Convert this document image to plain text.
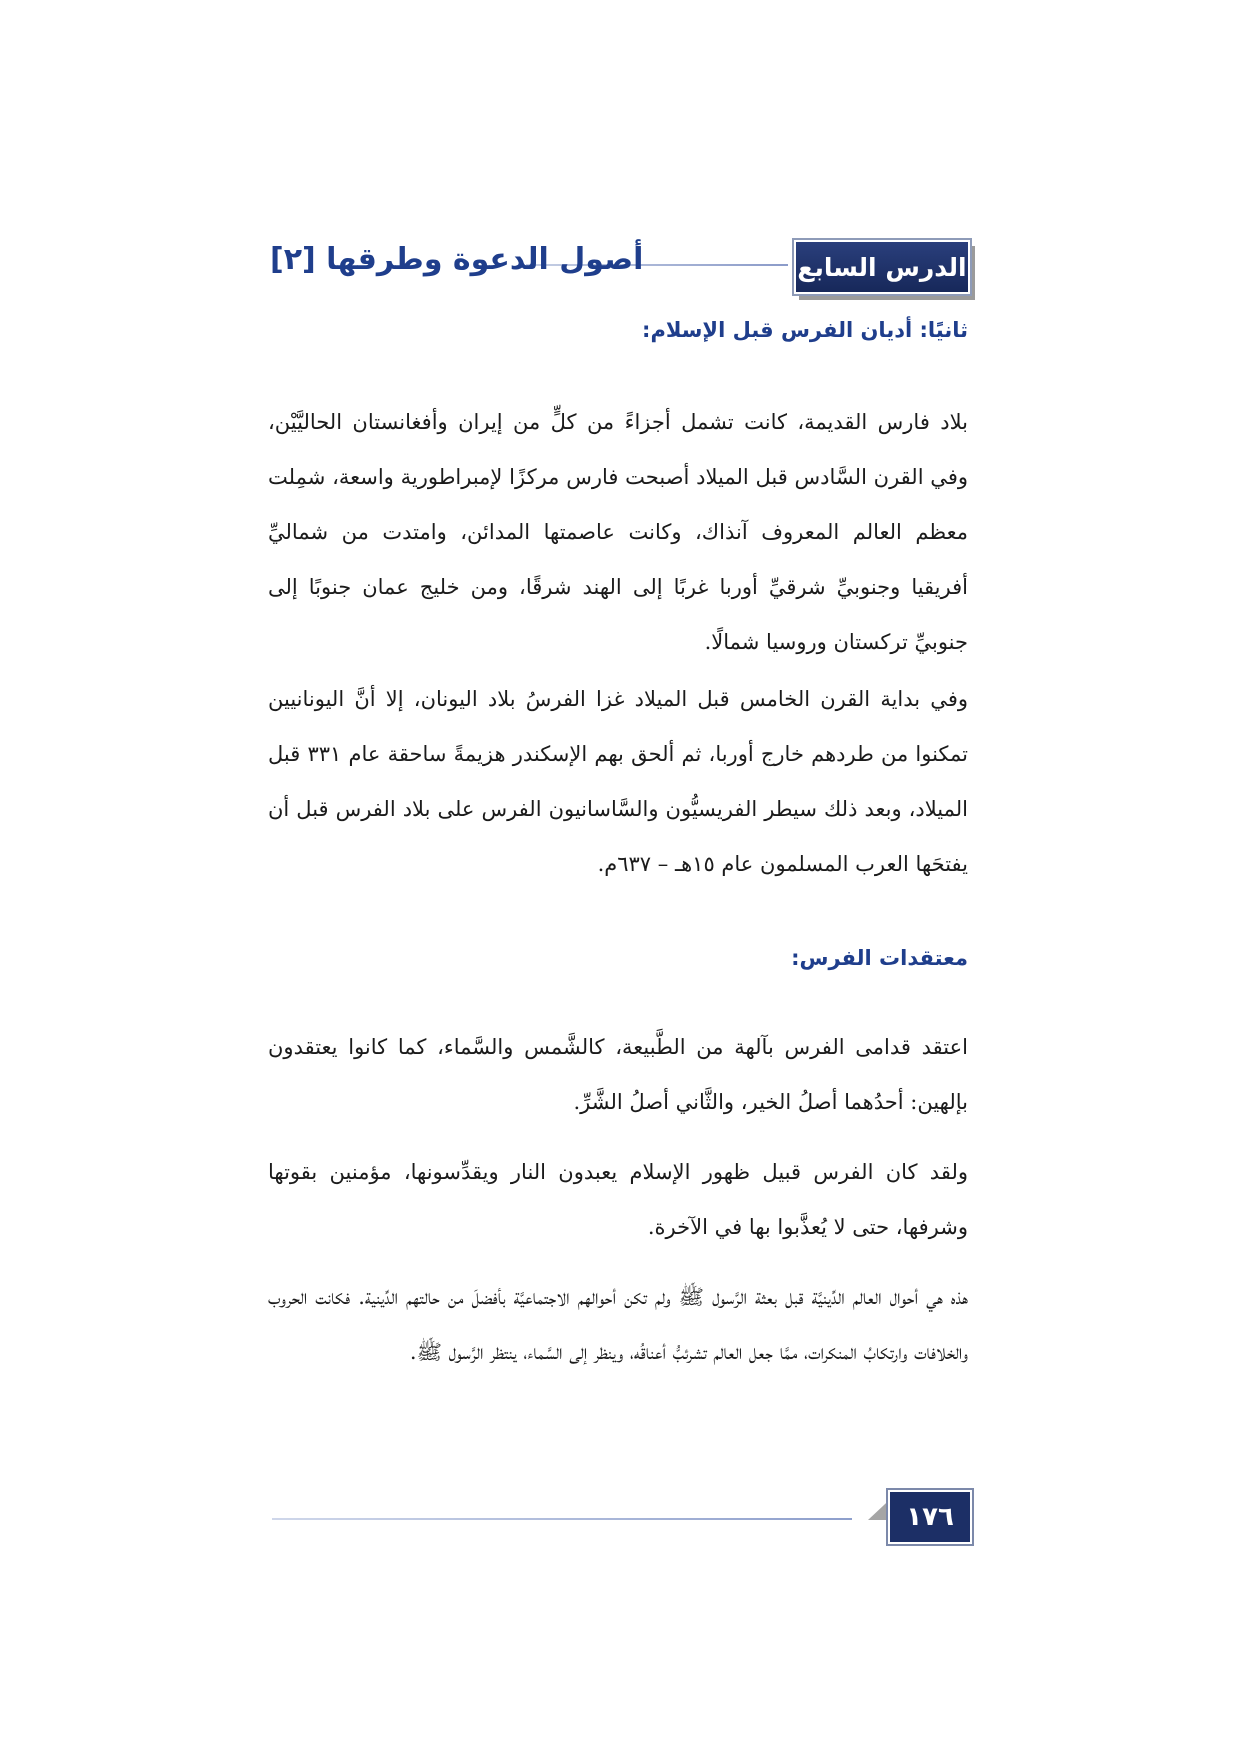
الدرس السابع
أصول الدعوة وطرقها [٢]
ثانيًا: أديان الفرس قبل الإسلام:

بلاد فارس القديمة، كانت تشمل أجزاءً من كلٍّ من إيران وأفغانستان الحاليَّيْن، وفي القرن السَّادس قبل الميلاد أصبحت فارس مركزًا لإمبراطورية واسعة، شمِلت معظم العالم المعروف آنذاك، وكانت عاصمتها المدائن، وامتدت من شماليِّ أفريقيا وجنوبيِّ شرقيِّ أوربا غربًا إلى الهند شرقًا، ومن خليج عمان جنوبًا إلى جنوبيِّ تركستان وروسيا شمالًا.

وفي بداية القرن الخامس قبل الميلاد غزا الفرسُ بلاد اليونان، إلا أنَّ اليونانيين تمكنوا من طردهم خارج أوربا، ثم ألحق بهم الإسكندر هزيمةً ساحقة عام ٣٣١ قبل الميلاد، وبعد ذلك سيطر الفريسيُّون والسَّاسانيون الفرس على بلاد الفرس قبل أن يفتحَها العرب المسلمون عام ١٥هـ – ٦٣٧م.

معتقدات الفرس:

اعتقد قدامى الفرس بآلهة من الطَّبيعة، كالشَّمس والسَّماء، كما كانوا يعتقدون بإلهين: أحدُهما أصلُ الخير، والثَّاني أصلُ الشَّرِّ.

ولقد كان الفرس قبيل ظهور الإسلام يعبدون النار ويقدِّسونها، مؤمنين بقوتها وشرفها، حتى لا يُعذَّبوا بها في الآخرة.

هذه هي أحوال العالم الدِّينيَّة قبل بعثة الرَّسول ﷺ ولم تكن أحوالهم الاجتماعيَّة بأفضلَ من حالتهم الدِّينية. فكانت الحروب والخلافات وارتكابُ المنكرات، ممَّا جعل العالم تشرئبُّ أعناقُه، وينظر إلى السَّماء، ينتظر الرَّسول ﷺ.

١٧٦
